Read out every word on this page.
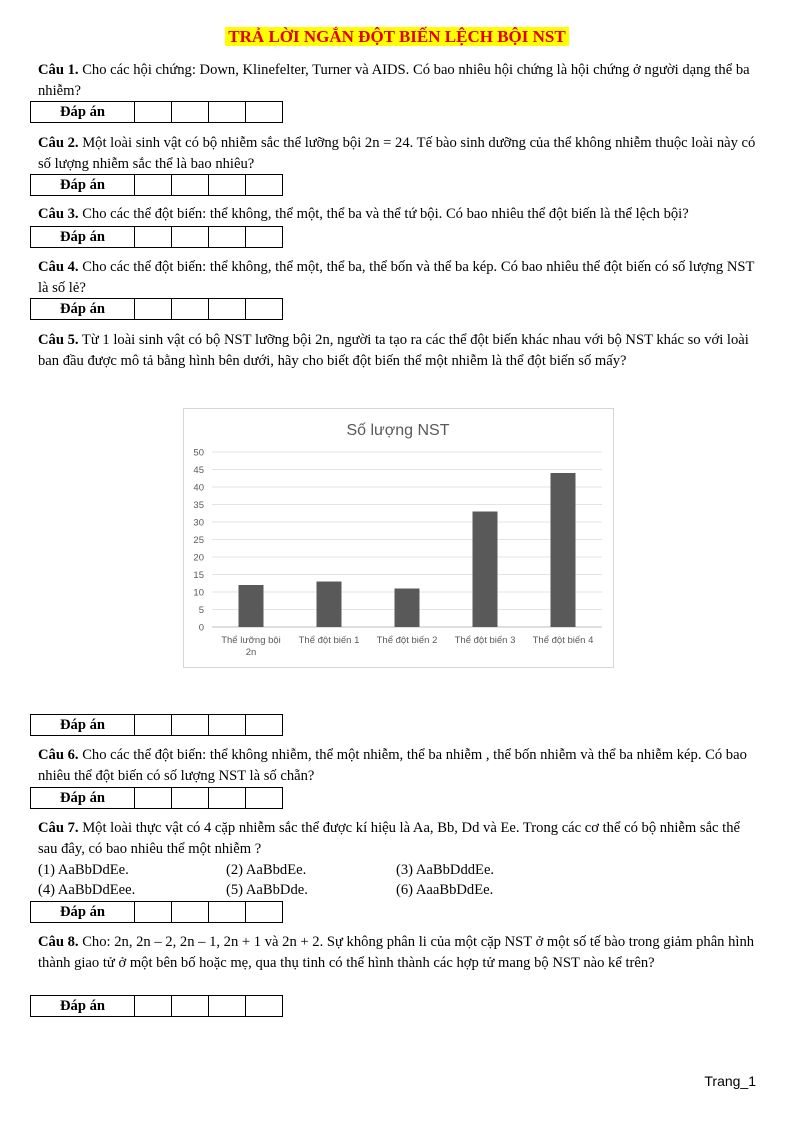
TRẢ LỜI NGẮN ĐỘT BIẾN LỆCH BỘI NST
Câu 1. Cho các hội chứng: Down, Klinefelter, Turner và AIDS. Có bao nhiêu hội chứng là hội chứng ở người dạng thể ba nhiễm?
Đáp án				
Câu 2. Một loài sinh vật có bộ nhiễm sắc thể lưỡng bội 2n = 24. Tế bào sinh dưỡng của thể không nhiễm thuộc loài này có số lượng nhiễm sắc thể là bao nhiêu?
Đáp án				
Câu 3. Cho các thể đột biến: thể không, thể một, thể ba và thể tứ bội. Có bao nhiêu thể đột biến là thể lệch bội?
Đáp án				
Câu 4. Cho các thể đột biến: thể không, thể một, thể ba, thể bốn và thể ba kép. Có bao nhiêu thể đột biến có số lượng NST là số lẻ?
Đáp án				
Câu 5. Từ 1 loài sinh vật có bộ NST lưỡng bội 2n, người ta tạo ra các thể đột biến khác nhau với bộ NST khác so với loài ban đầu được mô tả bằng hình bên dưới, hãy cho biết đột biến thể một nhiễm là thể đột biến số mấy?
Số lượng NST
0
5
10
15
20
25
30
35
40
45
50
Thể lưỡng bội 2n
Thể đột biến 1 Thể đột biến 2 Thể đột biến 3 Thể đột biến 4
Đáp án				
Câu 6. Cho các thể đột biến: thể không nhiễm, thể một nhiễm, thể ba nhiễm , thể bốn nhiễm và thể ba nhiễm kép. Có bao nhiêu thể đột biến có số lượng NST là số chẵn?
Đáp án				
Câu 7. Một loài thực vật có 4 cặp nhiễm sắc thể được kí hiệu là Aa, Bb, Dd và Ee. Trong các cơ thể có bộ nhiễm sắc thể sau đây, có bao nhiêu thể một nhiễm ?
(1) AaBbDdEe.	(2) AaBbdEe.	(3) AaBbDddEe.
(4) AaBbDdEee.	(5) AaBbDde.	(6) AaaBbDdEe.
Đáp án				
Câu 8. Cho: 2n, 2n – 2, 2n – 1, 2n + 1 và 2n + 2. Sự không phân li của một cặp NST ở một số tế bào trong giảm phân hình thành giao tử ở một bên bố hoặc mẹ, qua thụ tinh có thể hình thành các hợp tử mang bộ NST nào kể trên?
Đáp án				
Trang_1
